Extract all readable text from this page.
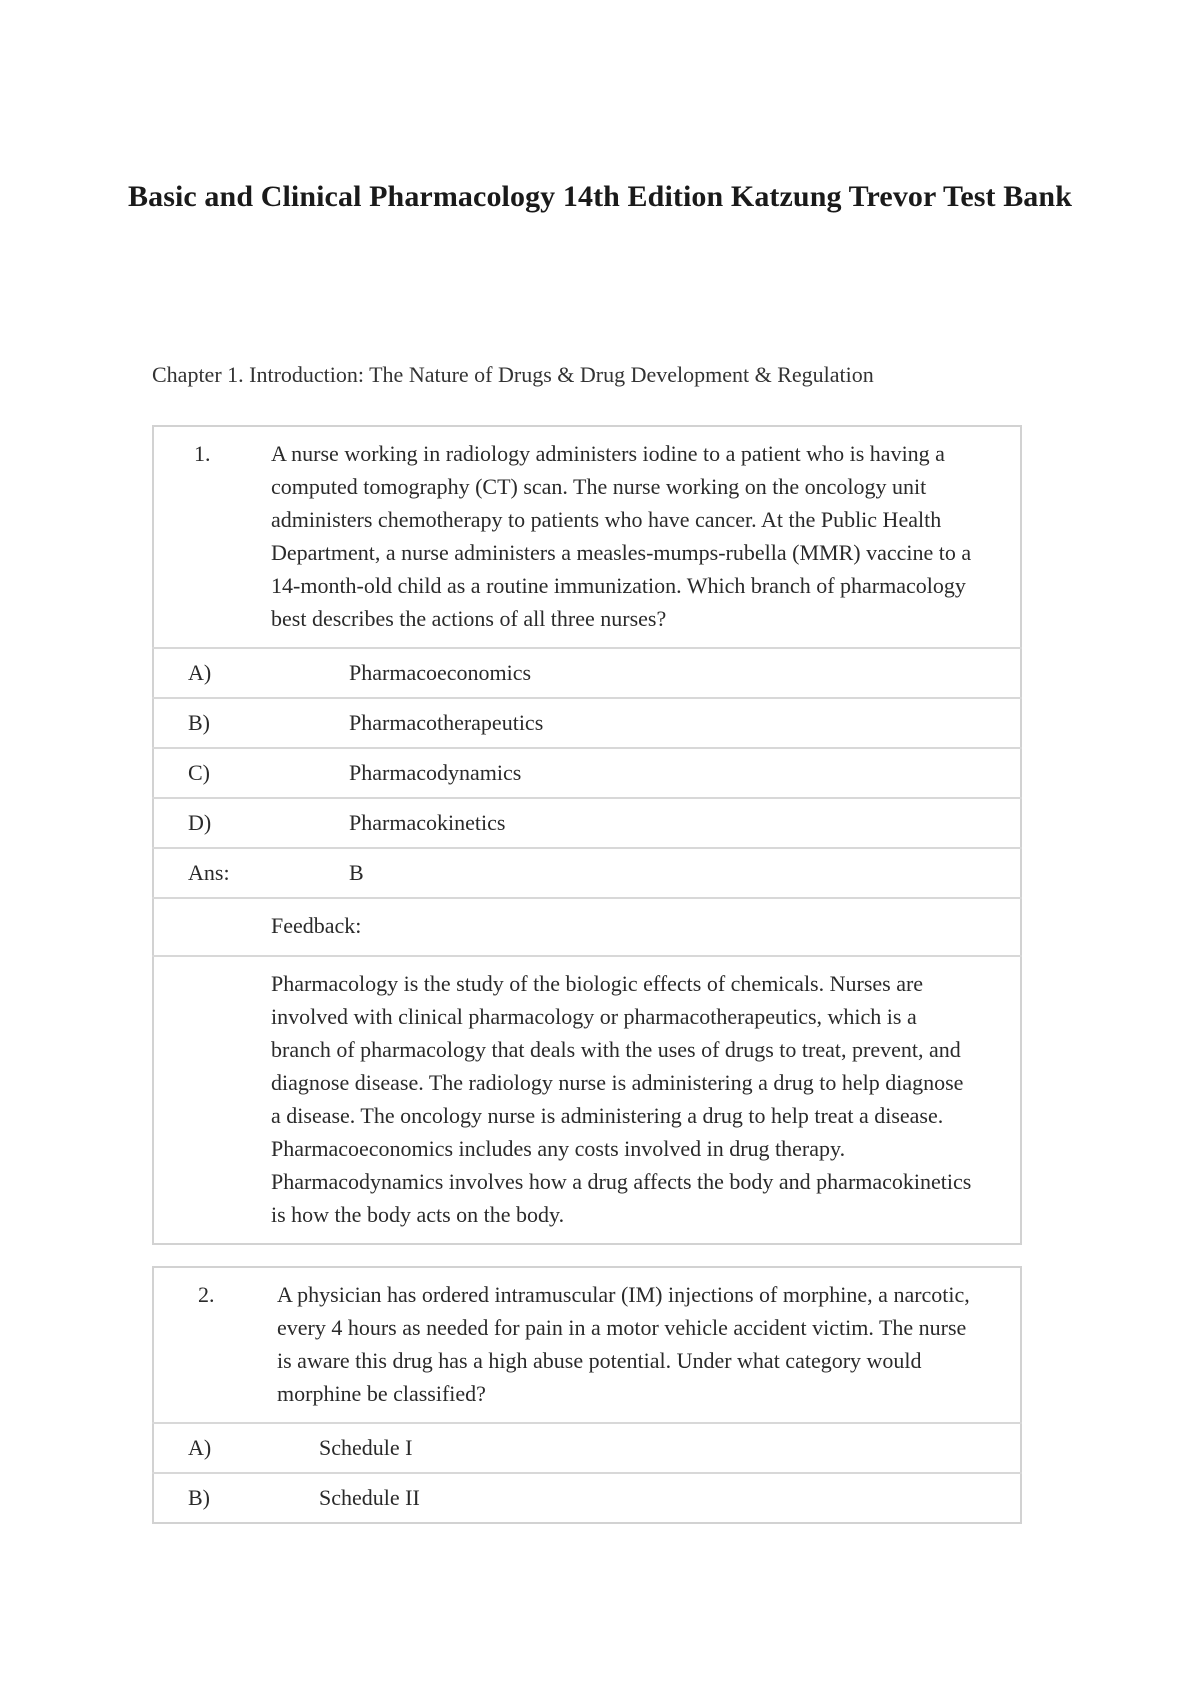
Basic and Clinical Pharmacology 14th Edition Katzung Trevor Test Bank
Chapter 1. Introduction: The Nature of Drugs & Drug Development & Regulation
1.	A nurse working in radiology administers iodine to a patient who is having a computed tomography (CT) scan. The nurse working on the oncology unit administers chemotherapy to patients who have cancer. At the Public Health Department, a nurse administers a measles-mumps-rubella (MMR) vaccine to a 14-month-old child as a routine immunization. Which branch of pharmacology best describes the actions of all three nurses?
A)	Pharmacoeconomics
B)	Pharmacotherapeutics
C)	Pharmacodynamics
D)	Pharmacokinetics
Ans:	B
	Feedback:
	Pharmacology is the study of the biologic effects of chemicals. Nurses are involved with clinical pharmacology or pharmacotherapeutics, which is a branch of pharmacology that deals with the uses of drugs to treat, prevent, and diagnose disease. The radiology nurse is administering a drug to help diagnose a disease. The oncology nurse is administering a drug to help treat a disease. Pharmacoeconomics includes any costs involved in drug therapy. Pharmacodynamics involves how a drug affects the body and pharmacokinetics is how the body acts on the body.
2.	A physician has ordered intramuscular (IM) injections of morphine, a narcotic, every 4 hours as needed for pain in a motor vehicle accident victim. The nurse is aware this drug has a high abuse potential. Under what category would morphine be classified?
A)	Schedule I
B)	Schedule II
